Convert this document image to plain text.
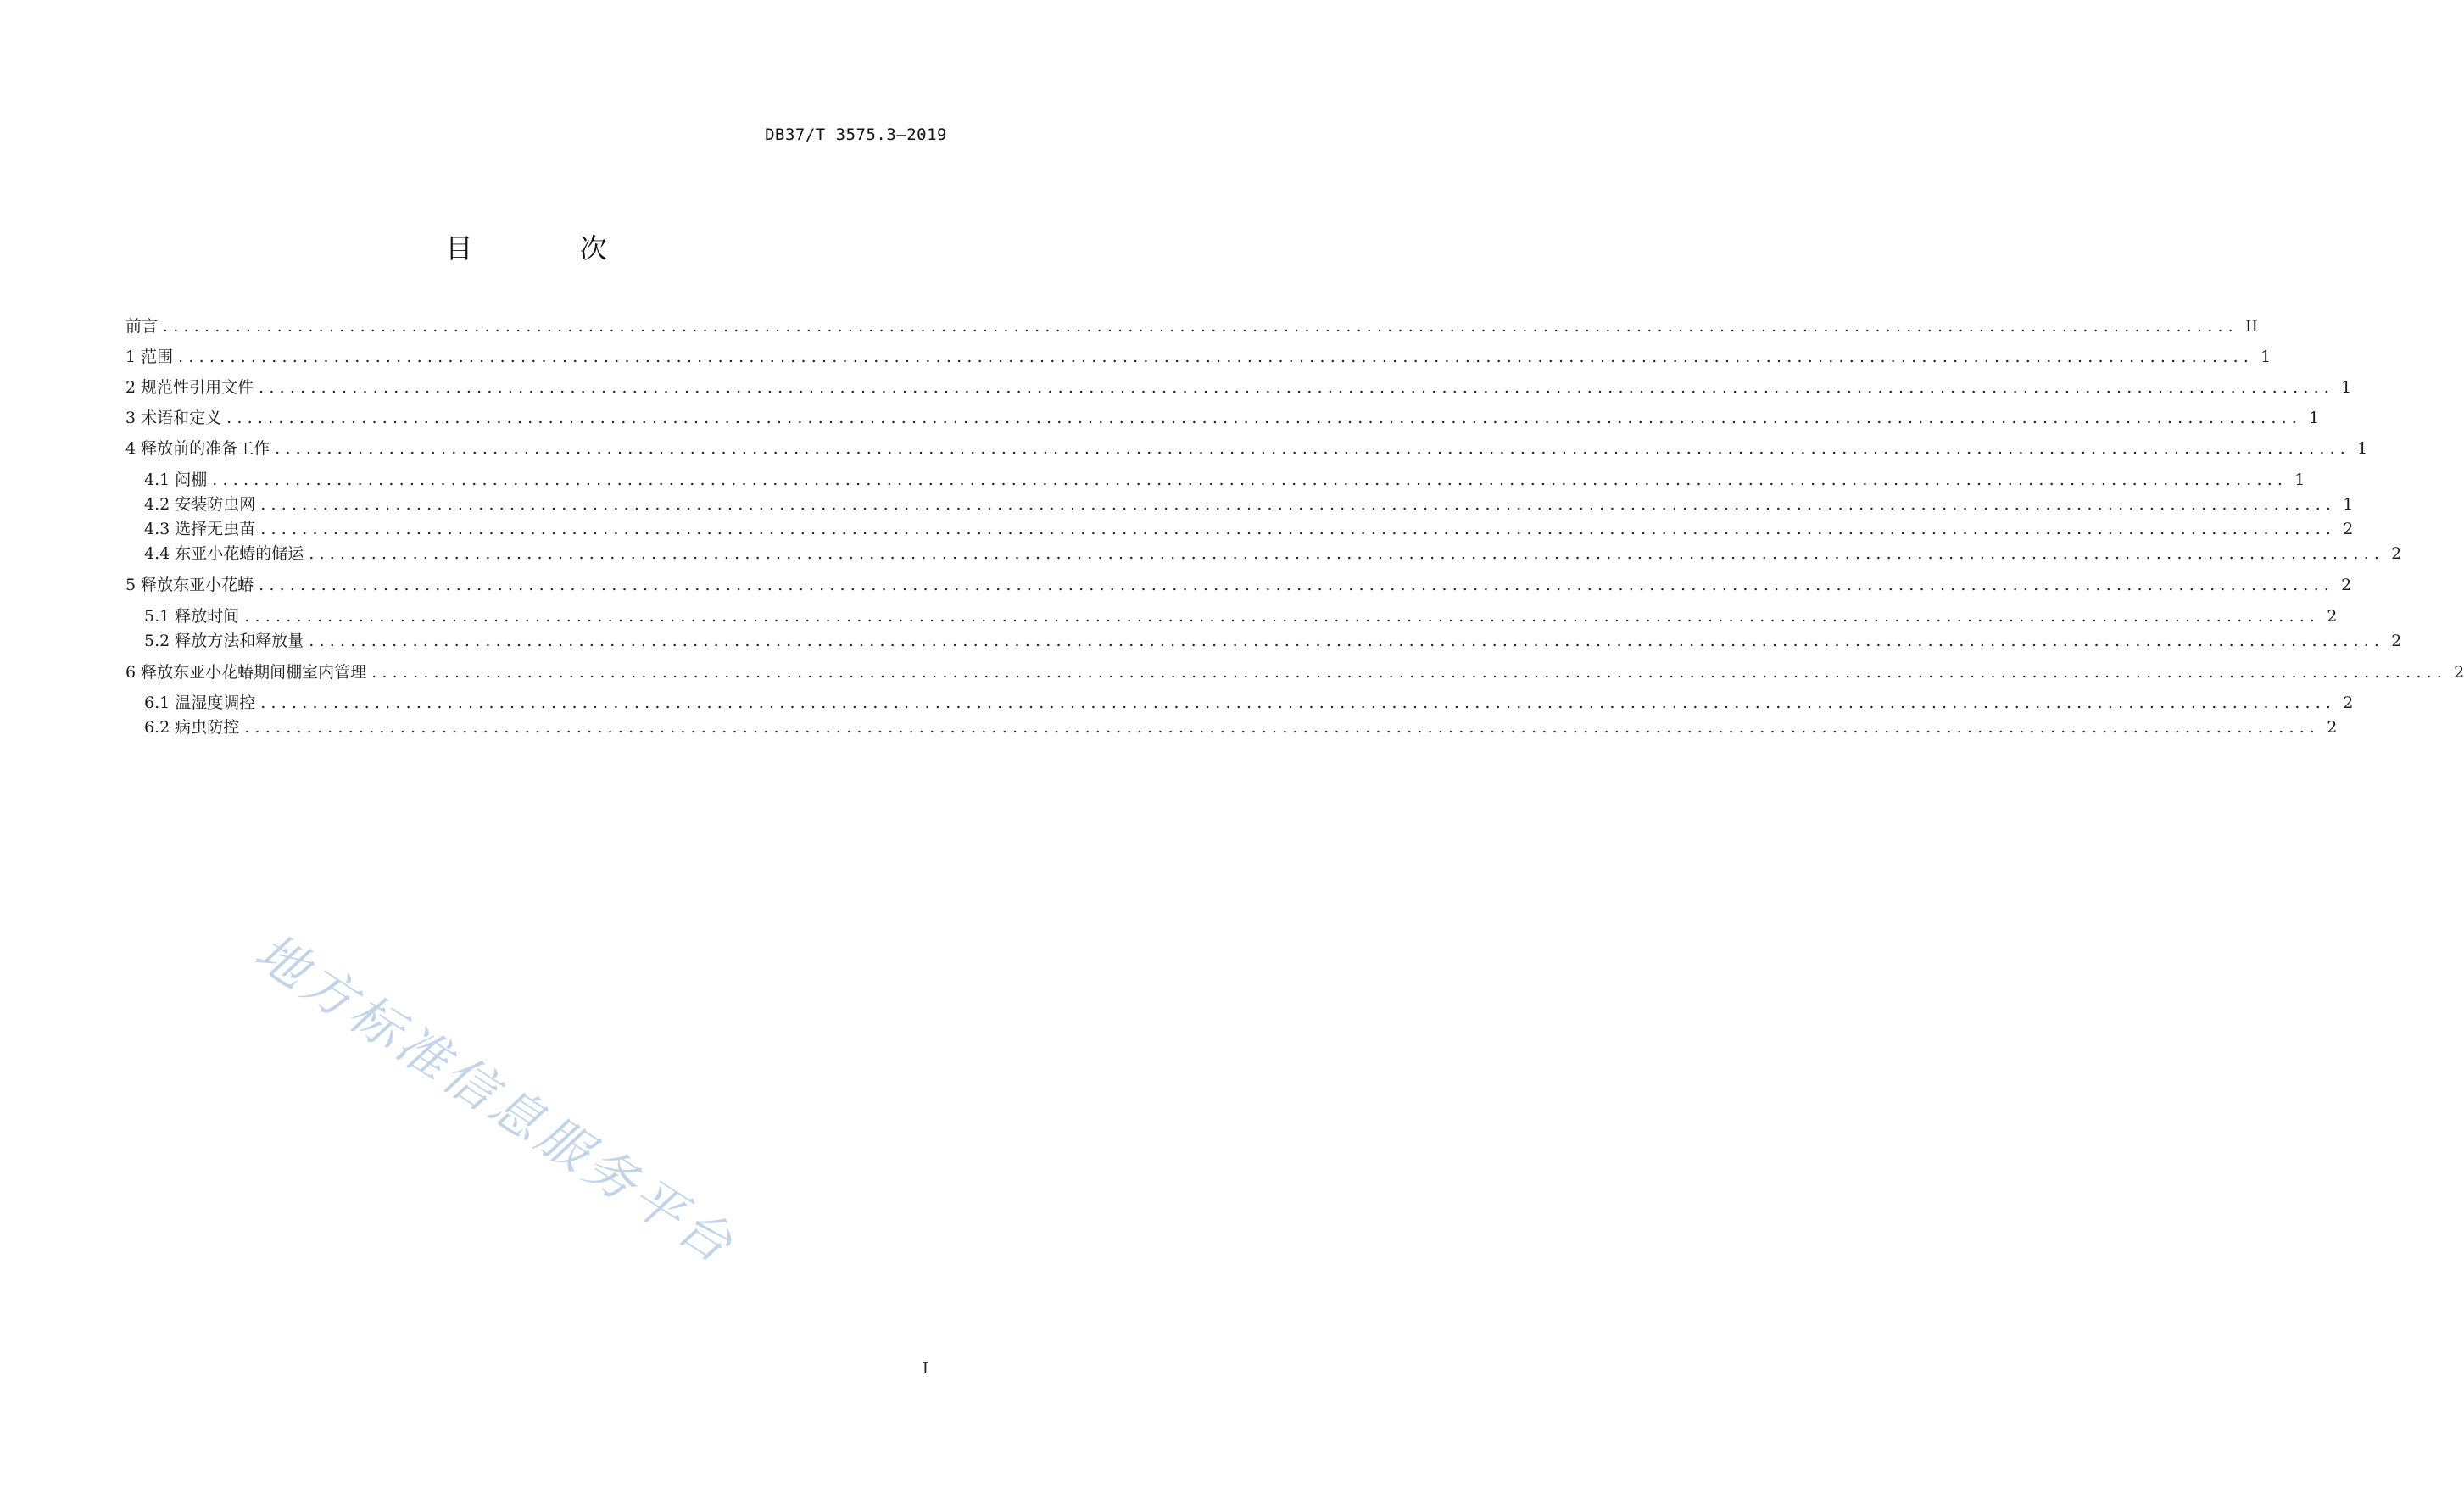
DB37/T 3575.3—2019
目 次
前言 ........................................................................................................................................................................................................ II
1 范围 ........................................................................................................................................................................................................ 1
2 规范性引用文件 ........................................................................................................................................................................................................ 1
3 术语和定义 ........................................................................................................................................................................................................ 1
4 释放前的准备工作 ........................................................................................................................................................................................................ 1
4.1 闷棚 ........................................................................................................................................................................................................ 1
4.2 安装防虫网 ........................................................................................................................................................................................................ 1
4.3 选择无虫苗 ........................................................................................................................................................................................................ 2
4.4 东亚小花蝽的储运 ........................................................................................................................................................................................................ 2
5 释放东亚小花蝽 ........................................................................................................................................................................................................ 2
5.1 释放时间 ........................................................................................................................................................................................................ 2
5.2 释放方法和释放量 ........................................................................................................................................................................................................ 2
6 释放东亚小花蝽期间棚室内管理 ........................................................................................................................................................................................................ 2
6.1 温湿度调控 ........................................................................................................................................................................................................ 2
6.2 病虫防控 ........................................................................................................................................................................................................ 2
地方标准信息服务平台
I
